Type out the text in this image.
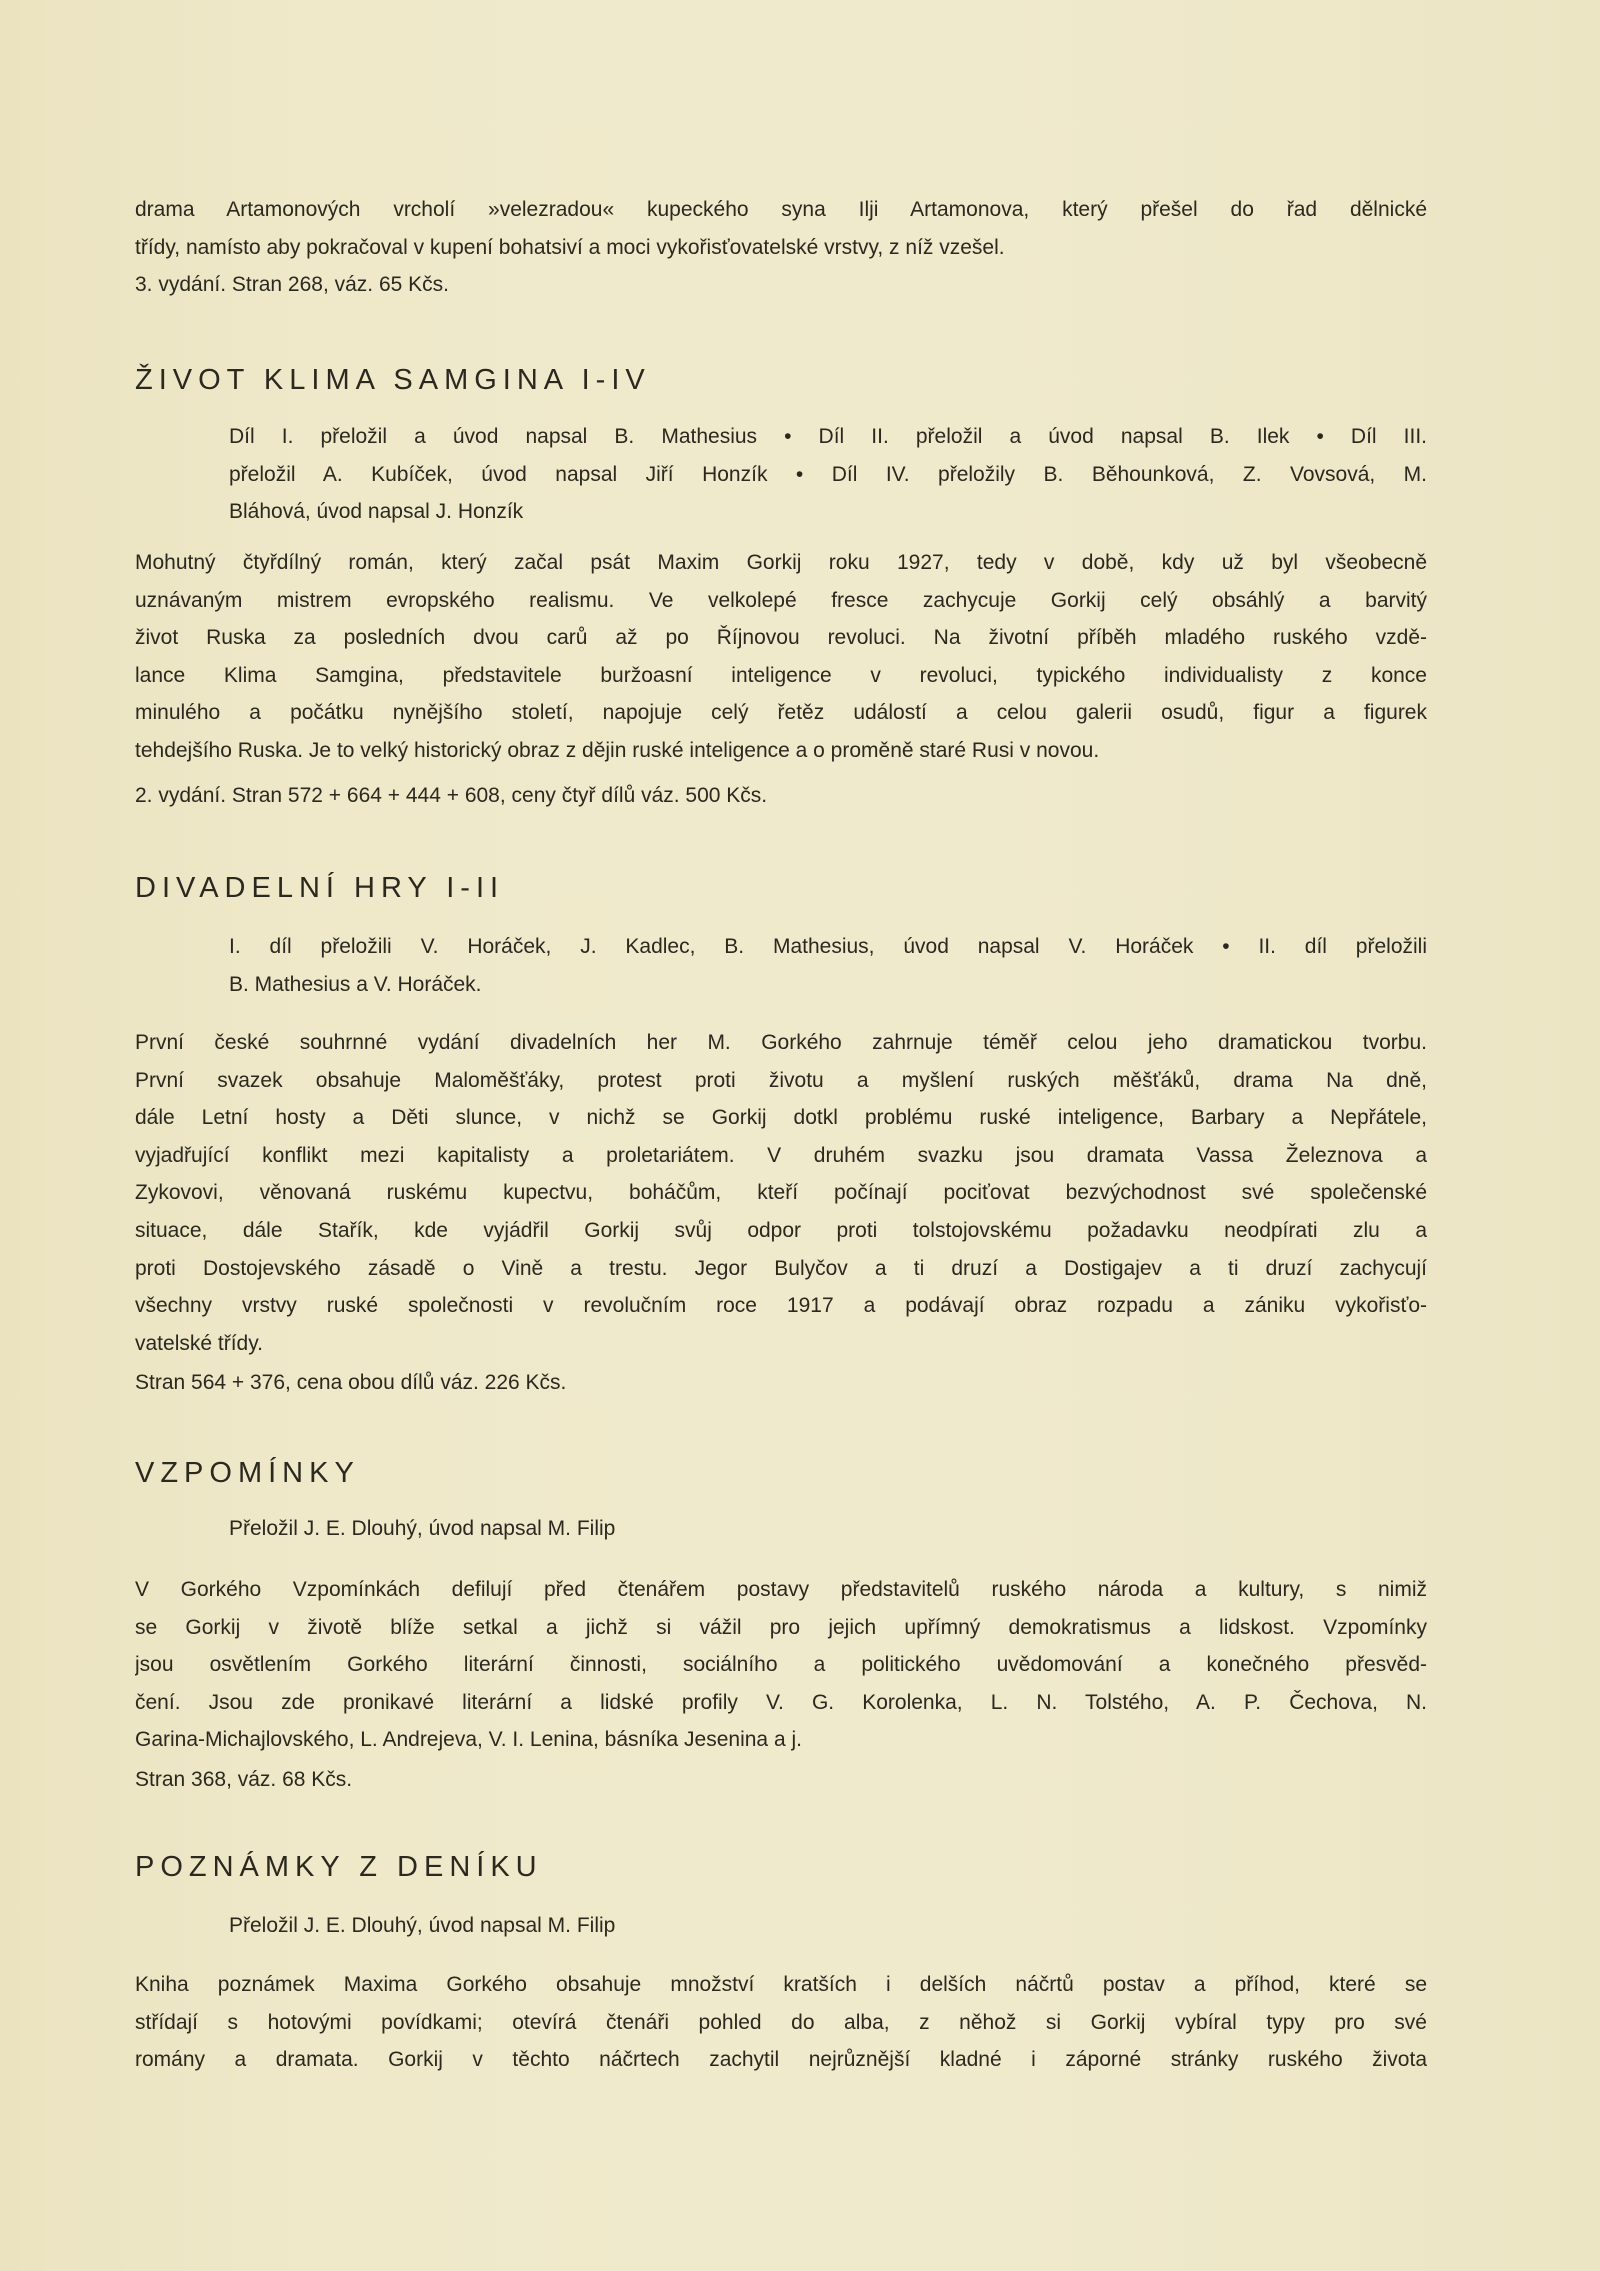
drama Artamonových vrcholí »velezradou« kupeckého syna Ilji Artamonova, který přešel do řad dělnické
třídy, namísto aby pokračoval v kupení bohatsiví a moci vykořisťovatelské vrstvy, z níž vzešel.
3. vydání. Stran 268, váz. 65 Kčs.
ŽIVOT KLIMA SAMGINA I-IV
Díl I. přeložil a úvod napsal B. Mathesius • Díl II. přeložil a úvod napsal B. Ilek • Díl III.
přeložil A. Kubíček, úvod napsal Jiří Honzík • Díl IV. přeložily B. Běhounková, Z. Vovsová, M.
Bláhová, úvod napsal J. Honzík
Mohutný čtyřdílný román, který začal psát Maxim Gorkij roku 1927, tedy v době, kdy už byl všeobecně
uznávaným mistrem evropského realismu. Ve velkolepé fresce zachycuje Gorkij celý obsáhlý a barvitý
život Ruska za posledních dvou carů až po Říjnovou revoluci. Na životní příběh mladého ruského vzdě-
lance Klima Samgina, představitele buržoasní inteligence v revoluci, typického individualisty z konce
minulého a počátku nynějšího století, napojuje celý řetěz událostí a celou galerii osudů, figur a figurek
tehdejšího Ruska. Je to velký historický obraz z dějin ruské inteligence a o proměně staré Rusi v novou.
2. vydání. Stran 572 + 664 + 444 + 608, ceny čtyř dílů váz. 500 Kčs.
DIVADELNÍ HRY I-II
I. díl přeložili V. Horáček, J. Kadlec, B. Mathesius, úvod napsal V. Horáček • II. díl přeložili
B. Mathesius a V. Horáček.
První české souhrnné vydání divadelních her M. Gorkého zahrnuje téměř celou jeho dramatickou tvorbu.
První svazek obsahuje Maloměšťáky, protest proti životu a myšlení ruských měšťáků, drama Na dně,
dále Letní hosty a Děti slunce, v nichž se Gorkij dotkl problému ruské inteligence, Barbary a Nepřátele,
vyjadřující konflikt mezi kapitalisty a proletariátem. V druhém svazku jsou dramata Vassa Železnova a
Zykovovi, věnovaná ruskému kupectvu, boháčům, kteří počínají pociťovat bezvýchodnost své společenské
situace, dále Stařík, kde vyjádřil Gorkij svůj odpor proti tolstojovskému požadavku neodpírati zlu a
proti Dostojevského zásadě o Vině a trestu. Jegor Bulyčov a ti druzí a Dostigajev a ti druzí zachycují
všechny vrstvy ruské společnosti v revolučním roce 1917 a podávají obraz rozpadu a zániku vykořisťo-
vatelské třídy.
Stran 564 + 376, cena obou dílů váz. 226 Kčs.
VZPOMÍNKY
Přeložil J. E. Dlouhý, úvod napsal M. Filip
V Gorkého Vzpomínkách defilují před čtenářem postavy představitelů ruského národa a kultury, s nimiž
se Gorkij v životě blíže setkal a jichž si vážil pro jejich upřímný demokratismus a lidskost. Vzpomínky
jsou osvětlením Gorkého literární činnosti, sociálního a politického uvědomování a konečného přesvěd-
čení. Jsou zde pronikavé literární a lidské profily V. G. Korolenka, L. N. Tolstého, A. P. Čechova, N.
Garina-Michajlovského, L. Andrejeva, V. I. Lenina, básníka Jesenina a j.
Stran 368, váz. 68 Kčs.
POZNÁMKY Z DENÍKU
Přeložil J. E. Dlouhý, úvod napsal M. Filip
Kniha poznámek Maxima Gorkého obsahuje množství kratších i delších náčrtů postav a příhod, které se
střídají s hotovými povídkami; otevírá čtenáři pohled do alba, z něhož si Gorkij vybíral typy pro své
romány a dramata. Gorkij v těchto náčrtech zachytil nejrůznější kladné i záporné stránky ruského života
